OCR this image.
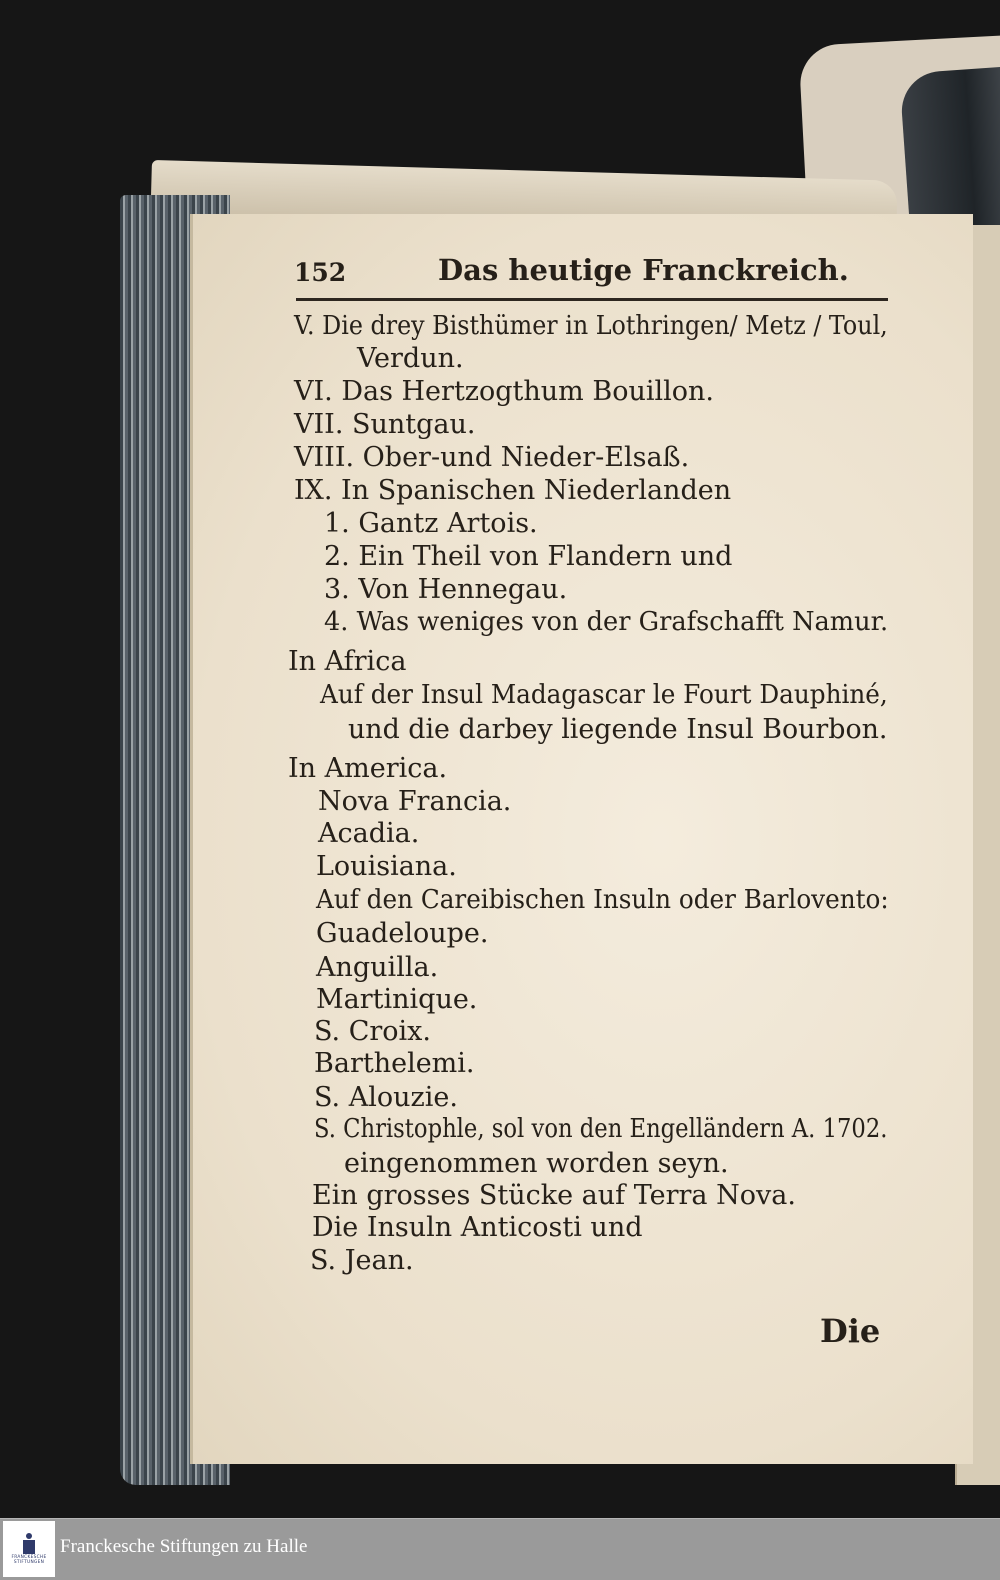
152	Das heutige Franckreich.
V. Die drey Bisthümer in Lothringen/ Metz / Toul,
Verdun.
VI. Das Hertzogthum Bouillon.
VII. Suntgau.
VIII. Ober-und Nieder-Elsaß.
IX. In Spanischen Niederlanden
1. Gantz Artois.
2. Ein Theil von Flandern und
3. Von Hennegau.
4. Was weniges von der Grafschafft Namur.
In Africa
Auf der Insul Madagascar le Fourt Dauphiné,
und die darbey liegende Insul Bourbon.
In America.
Nova Francia.
Acadia.
Louisiana.
Auf den Careibischen Insuln oder Barlovento:
Guadeloupe.
Anguilla.
Martinique.
S. Croix.
Barthelemi.
S. Alouzie.
S. Christophle, sol von den Engelländern A. 1702.
eingenommen worden seyn.
Ein grosses Stücke auf Terra Nova.
Die Insuln Anticosti und
S. Jean.
Die
FRANCKESCHE STIFTUNGEN
Franckesche Stiftungen zu Halle
